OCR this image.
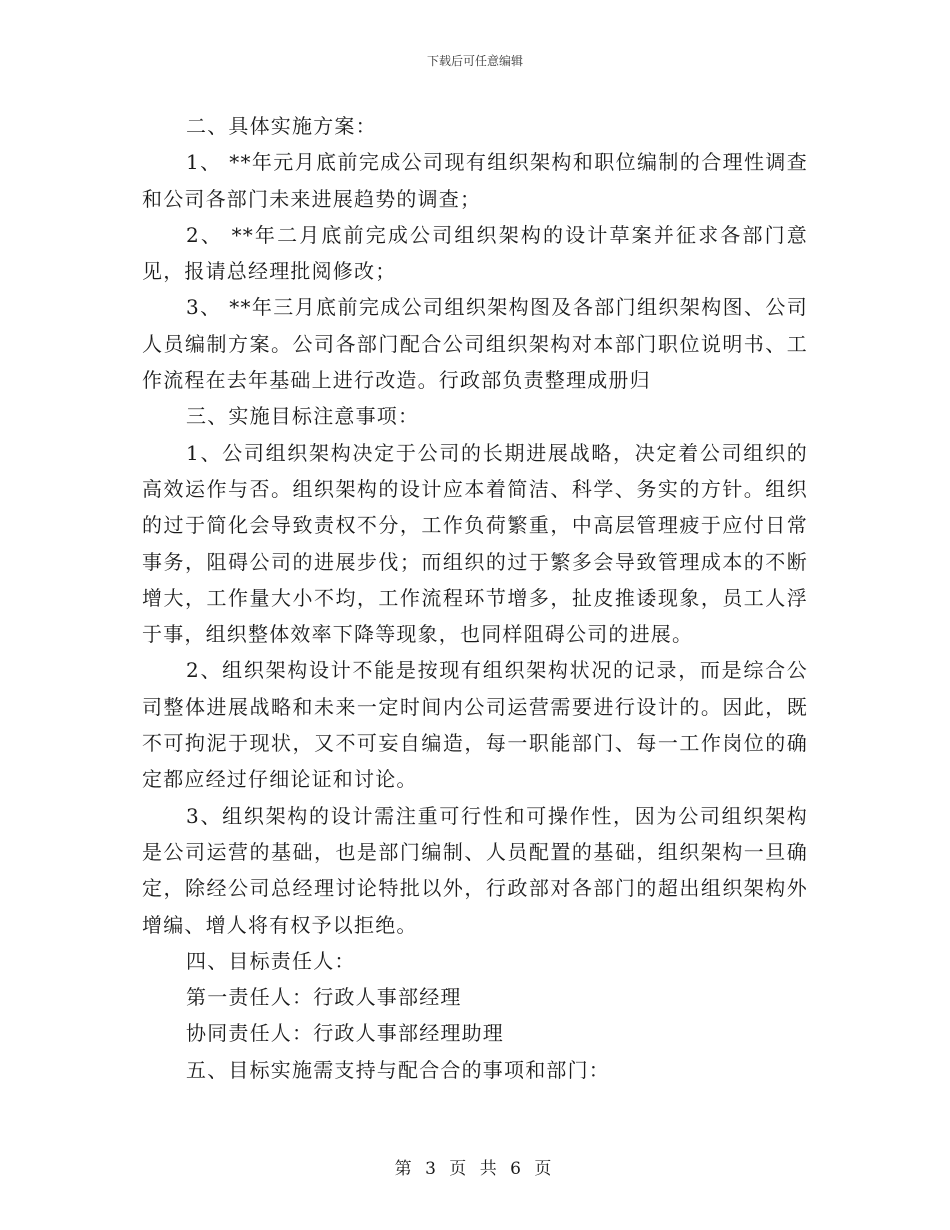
下载后可任意编辑

二、具体实施方案：

1、 **年元月底前完成公司现有组织架构和职位编制的合理性调查和公司各部门未来进展趋势的调查；

2、 **年二月底前完成公司组织架构的设计草案并征求各部门意见，报请总经理批阅修改；

3、 **年三月底前完成公司组织架构图及各部门组织架构图、公司人员编制方案。公司各部门配合公司组织架构对本部门职位说明书、工作流程在去年基础上进行改造。行政部负责整理成册归

三、实施目标注意事项：

1、公司组织架构决定于公司的长期进展战略，决定着公司组织的高效运作与否。组织架构的设计应本着简洁、科学、务实的方针。组织的过于简化会导致责权不分，工作负荷繁重，中高层管理疲于应付日常事务，阻碍公司的进展步伐；而组织的过于繁多会导致管理成本的不断增大，工作量大小不均，工作流程环节增多，扯皮推诿现象，员工人浮于事，组织整体效率下降等现象，也同样阻碍公司的进展。

2、组织架构设计不能是按现有组织架构状况的记录，而是综合公司整体进展战略和未来一定时间内公司运营需要进行设计的。因此，既不可拘泥于现状，又不可妄自编造，每一职能部门、每一工作岗位的确定都应经过仔细论证和讨论。

3、组织架构的设计需注重可行性和可操作性，因为公司组织架构是公司运营的基础，也是部门编制、人员配置的基础，组织架构一旦确定，除经公司总经理讨论特批以外，行政部对各部门的超出组织架构外增编、增人将有权予以拒绝。

四、目标责任人：

第一责任人：行政人事部经理

协同责任人：行政人事部经理助理

五、目标实施需支持与配合合的事项和部门：

第 3 页 共 6 页
